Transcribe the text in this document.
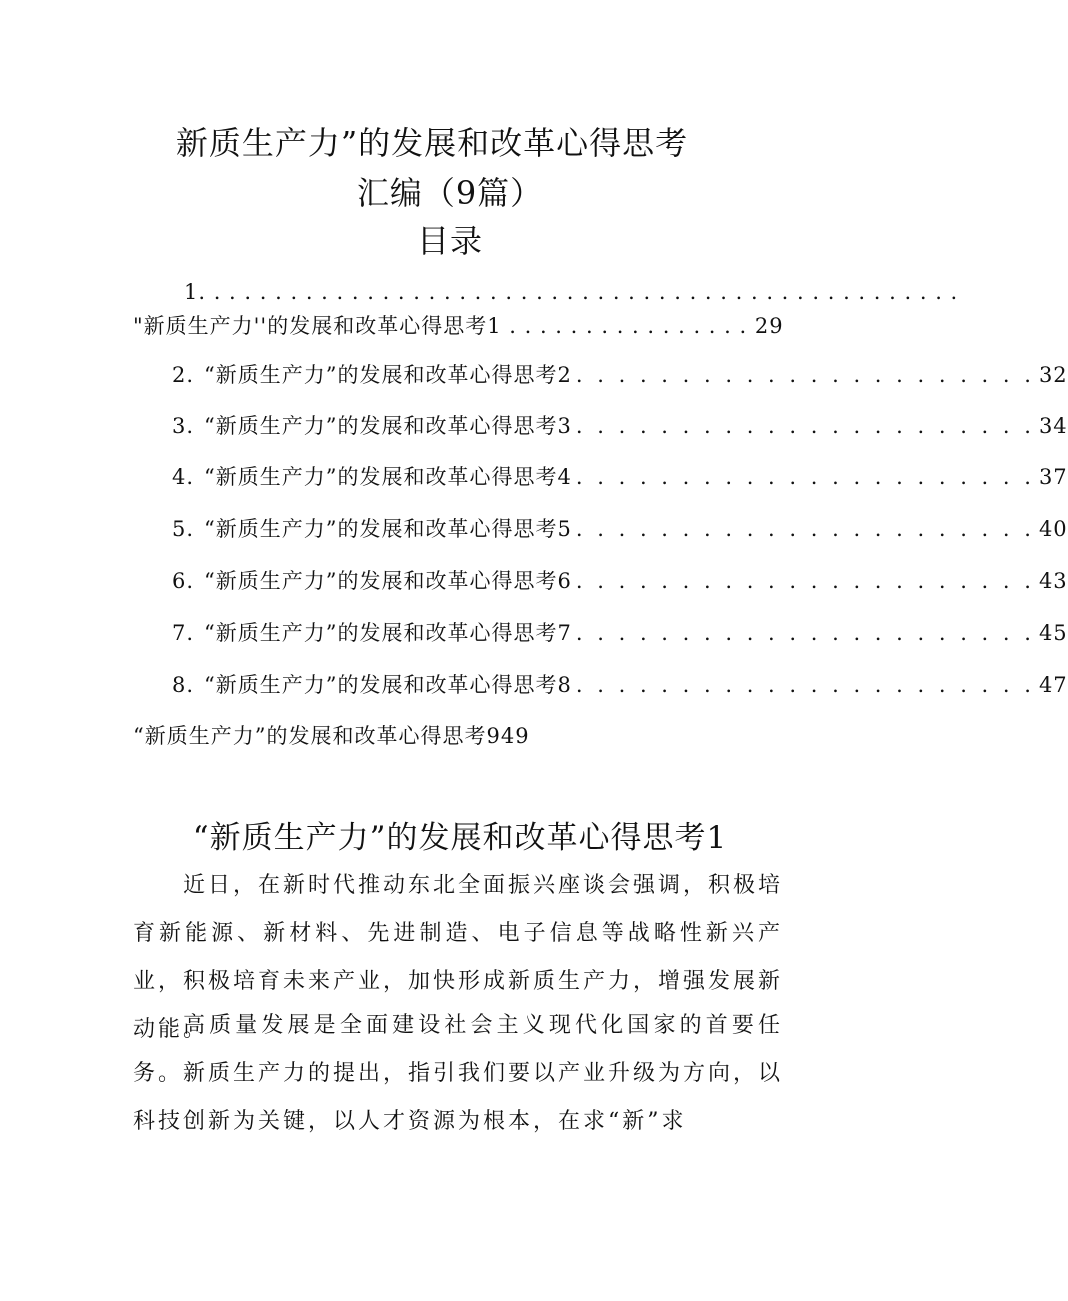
新质生产力”的发展和改革心得思考
汇编（9篇）
目录
1. . . . . . . . . . . . . . . . . . . . . . . . . . . . . . . . . . . . . . . . . . . . . . . . . .
"新质生产力''的发展和改革心得思考1 . . . . . . . . . . . . . . . . 29
2. “新质生产力”的发展和改革心得思考2 . . . . . . . . . . . . . . . . . . . . . . 32
3. “新质生产力”的发展和改革心得思考3 . . . . . . . . . . . . . . . . . . . . . . 34
4. “新质生产力”的发展和改革心得思考4 . . . . . . . . . . . . . . . . . . . . . . 37
5. “新质生产力”的发展和改革心得思考5 . . . . . . . . . . . . . . . . . . . . . . 40
6. “新质生产力”的发展和改革心得思考6 . . . . . . . . . . . . . . . . . . . . . . 43
7. “新质生产力”的发展和改革心得思考7 . . . . . . . . . . . . . . . . . . . . . . 45
8. “新质生产力”的发展和改革心得思考8 . . . . . . . . . . . . . . . . . . . . . . 47
“新质生产力”的发展和改革心得思考949
“新质生产力”的发展和改革心得思考1

近日，在新时代推动东北全面振兴座谈会强调，积极培育新能源、新材料、先进制造、电子信息等战略性新兴产业，积极培育未来产业，加快形成新质生产力，增强发展新动能。

高质量发展是全面建设社会主义现代化国家的首要任务。新质生产力的提出，指引我们要以产业升级为方向，以科技创新为关键，以人才资源为根本，在求“新”求
